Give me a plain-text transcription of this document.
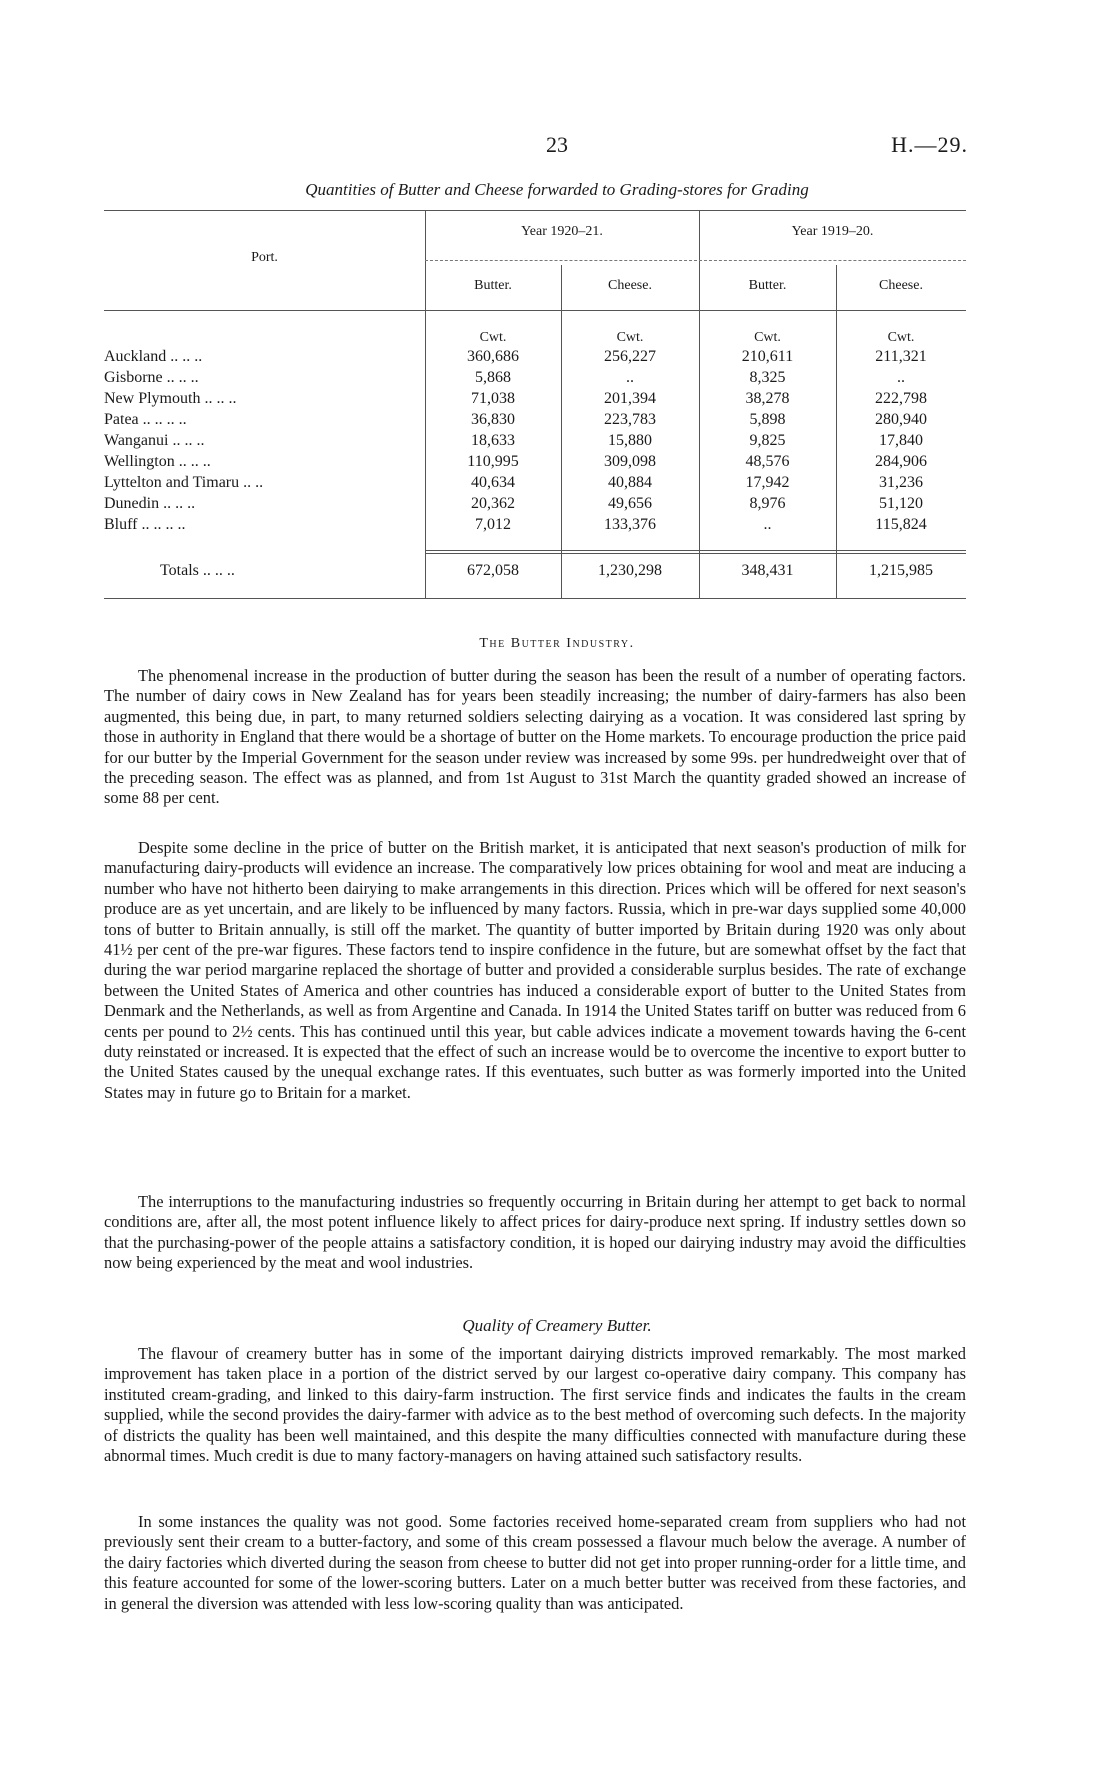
23	H.—29.
Quantities of Butter and Cheese forwarded to Grading-stores for Grading
Port.
Year 1920–21.	Year 1919–20.
Butter.	Cheese.	Butter.	Cheese.
Cwt.	Cwt.	Cwt.	Cwt.
Auckland .. .. ..	360,686	256,227	210,611	211,321
Gisborne .. .. ..	5,868	..	8,325	..
New Plymouth .. .. ..	71,038	201,394	38,278	222,798
Patea .. .. .. ..	36,830	223,783	5,898	280,940
Wanganui .. .. ..	18,633	15,880	9,825	17,840
Wellington .. .. ..	110,995	309,098	48,576	284,906
Lyttelton and Timaru .. ..	40,634	40,884	17,942	31,236
Dunedin .. .. ..	20,362	49,656	8,976	51,120
Bluff .. .. .. ..	7,012	133,376	..	115,824
Totals .. .. ..	672,058	1,230,298	348,431	1,215,985
The Butter Industry.

The phenomenal increase in the production of butter during the season has been the result of a number of operating factors. The number of dairy cows in New Zealand has for years been steadily increasing; the number of dairy-farmers has also been augmented, this being due, in part, to many returned soldiers selecting dairying as a vocation. It was considered last spring by those in authority in England that there would be a shortage of butter on the Home markets. To encourage production the price paid for our butter by the Imperial Government for the season under review was increased by some 99s. per hundredweight over that of the preceding season. The effect was as planned, and from 1st August to 31st March the quantity graded showed an increase of some 88 per cent.

Despite some decline in the price of butter on the British market, it is anticipated that next season's production of milk for manufacturing dairy-products will evidence an increase. The comparatively low prices obtaining for wool and meat are inducing a number who have not hitherto been dairying to make arrangements in this direction. Prices which will be offered for next season's produce are as yet uncertain, and are likely to be influenced by many factors. Russia, which in pre-war days supplied some 40,000 tons of butter to Britain annually, is still off the market. The quantity of butter imported by Britain during 1920 was only about 41½ per cent of the pre-war figures. These factors tend to inspire confidence in the future, but are somewhat offset by the fact that during the war period margarine replaced the shortage of butter and provided a considerable surplus besides. The rate of exchange between the United States of America and other countries has induced a considerable export of butter to the United States from Denmark and the Netherlands, as well as from Argentine and Canada. In 1914 the United States tariff on butter was reduced from 6 cents per pound to 2½ cents. This has continued until this year, but cable advices indicate a movement towards having the 6-cent duty reinstated or increased. It is expected that the effect of such an increase would be to overcome the incentive to export butter to the United States caused by the unequal exchange rates. If this eventuates, such butter as was formerly imported into the United States may in future go to Britain for a market.

The interruptions to the manufacturing industries so frequently occurring in Britain during her attempt to get back to normal conditions are, after all, the most potent influence likely to affect prices for dairy-produce next spring. If industry settles down so that the purchasing-power of the people attains a satisfactory condition, it is hoped our dairying industry may avoid the difficulties now being experienced by the meat and wool industries.

Quality of Creamery Butter.

The flavour of creamery butter has in some of the important dairying districts improved remarkably. The most marked improvement has taken place in a portion of the district served by our largest co-operative dairy company. This company has instituted cream-grading, and linked to this dairy-farm instruction. The first service finds and indicates the faults in the cream supplied, while the second provides the dairy-farmer with advice as to the best method of overcoming such defects. In the majority of districts the quality has been well maintained, and this despite the many difficulties connected with manufacture during these abnormal times. Much credit is due to many factory-managers on having attained such satisfactory results.

In some instances the quality was not good. Some factories received home-separated cream from suppliers who had not previously sent their cream to a butter-factory, and some of this cream possessed a flavour much below the average. A number of the dairy factories which diverted during the season from cheese to butter did not get into proper running-order for a little time, and this feature accounted for some of the lower-scoring butters. Later on a much better butter was received from these factories, and in general the diversion was attended with less low-scoring quality than was anticipated.
